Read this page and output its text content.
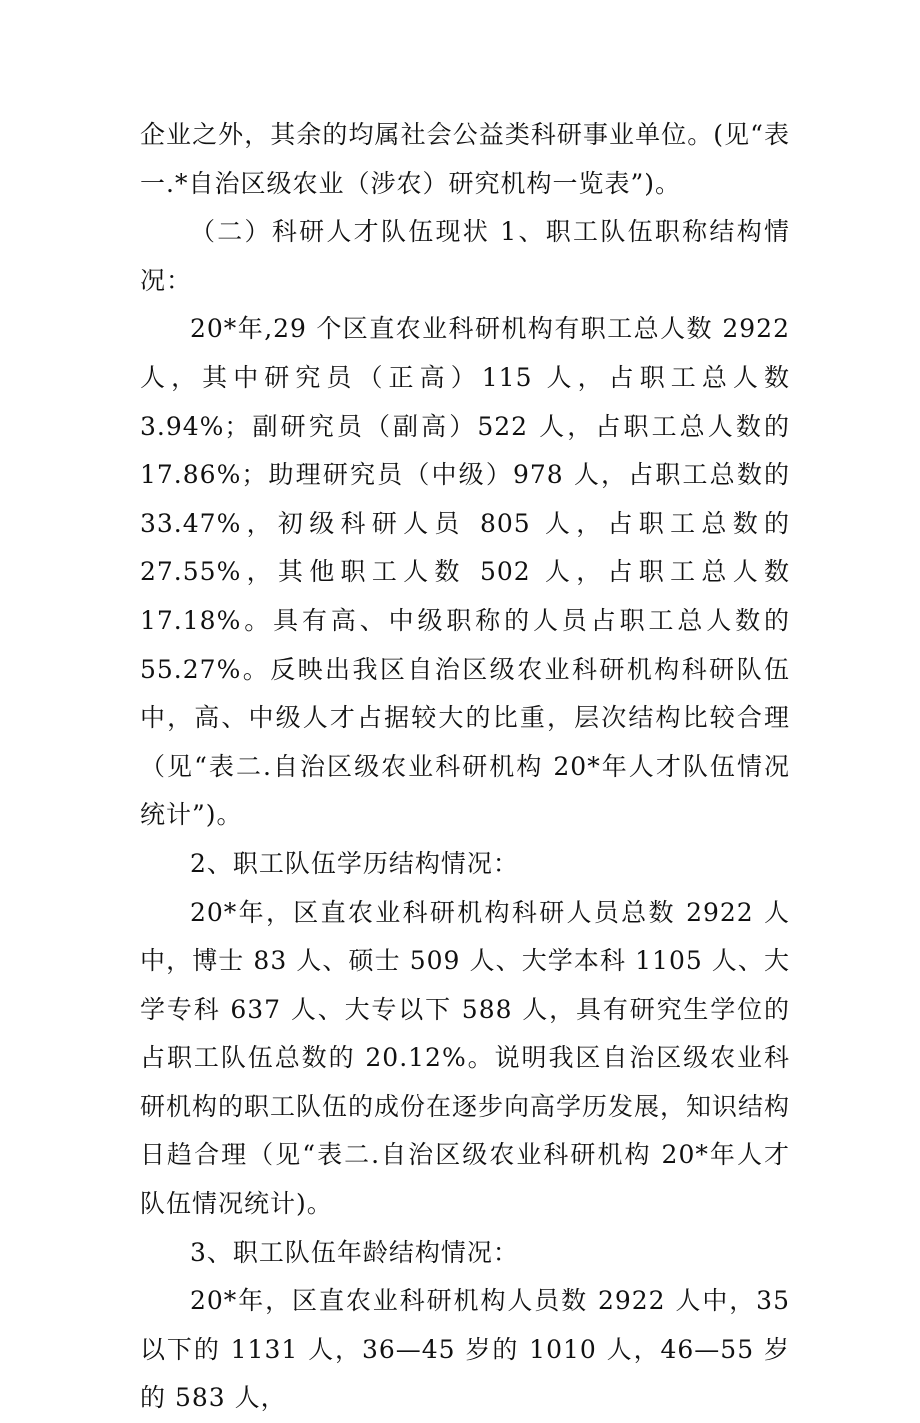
企业之外，其余的均属社会公益类科研事业单位。(见“表一.*自治区级农业（涉农）研究机构一览表”)。

（二）科研人才队伍现状 1、职工队伍职称结构情况：

20*年,29 个区直农业科研机构有职工总人数 2922 人，其中研究员（正高）115 人，占职工总人数 3.94%；副研究员（副高）522 人，占职工总人数的 17.86%；助理研究员（中级）978 人，占职工总数的 33.47%，初级科研人员 805 人，占职工总数的 27.55%，其他职工人数 502 人，占职工总人数 17.18%。具有高、中级职称的人员占职工总人数的 55.27%。反映出我区自治区级农业科研机构科研队伍中，高、中级人才占据较大的比重，层次结构比较合理（见“表二.自治区级农业科研机构 20*年人才队伍情况统计”)。

2、职工队伍学历结构情况：

20*年，区直农业科研机构科研人员总数 2922 人中，博士 83 人、硕士 509 人、大学本科 1105 人、大学专科 637 人、大专以下 588 人，具有研究生学位的占职工队伍总数的 20.12%。说明我区自治区级农业科研机构的职工队伍的成份在逐步向高学历发展，知识结构日趋合理（见“表二.自治区级农业科研机构 20*年人才队伍情况统计)。

3、职工队伍年龄结构情况：

20*年，区直农业科研机构人员数 2922 人中，35 以下的 1131 人，36—45 岁的 1010 人，46—55 岁的 583 人，
